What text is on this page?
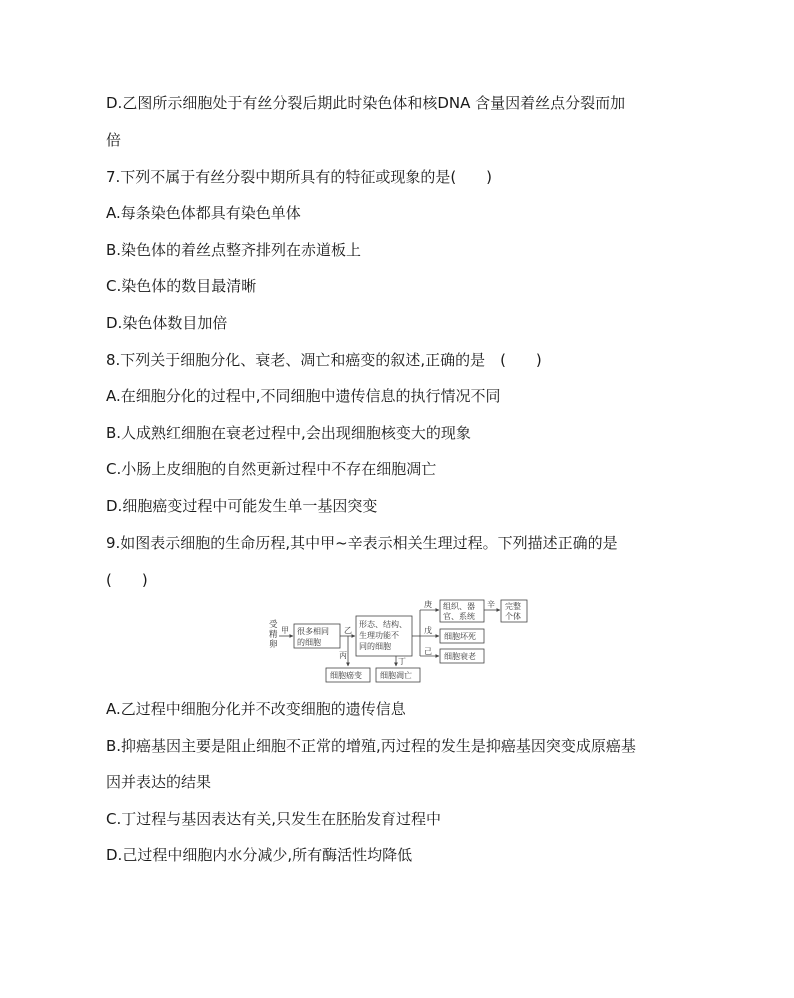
D.乙图所示细胞处于有丝分裂后期此时染色体和核DNA 含量因着丝点分裂而加
倍
7.下列不属于有丝分裂中期所具有的特征或现象的是(　　)
A.每条染色体都具有染色单体
B.染色体的着丝点整齐排列在赤道板上
C.染色体的数目最清晰
D.染色体数目加倍
8.下列关于细胞分化、衰老、凋亡和癌变的叙述,正确的是　(　　)
A.在细胞分化的过程中,不同细胞中遗传信息的执行情况不同
B.人成熟红细胞在衰老过程中,会出现细胞核变大的现象
C.小肠上皮细胞的自然更新过程中不存在细胞凋亡
D.细胞癌变过程中可能发生单一基因突变
9.如图表示细胞的生命历程,其中甲~辛表示相关生理过程。下列描述正确的是
(　　)
受
精
卵
甲 很多相同
的细胞
乙
丙
形态、结构、
生理功能不
同的细胞
丁
庚
戊
己
组织、器
官、系统
辛 完整
个体
细胞坏死
细胞衰老
细胞癌变 细胞凋亡
A.乙过程中细胞分化并不改变细胞的遗传信息
B.抑癌基因主要是阻止细胞不正常的增殖,丙过程的发生是抑癌基因突变成原癌基
因并表达的结果
C.丁过程与基因表达有关,只发生在胚胎发育过程中
D.己过程中细胞内水分减少,所有酶活性均降低
